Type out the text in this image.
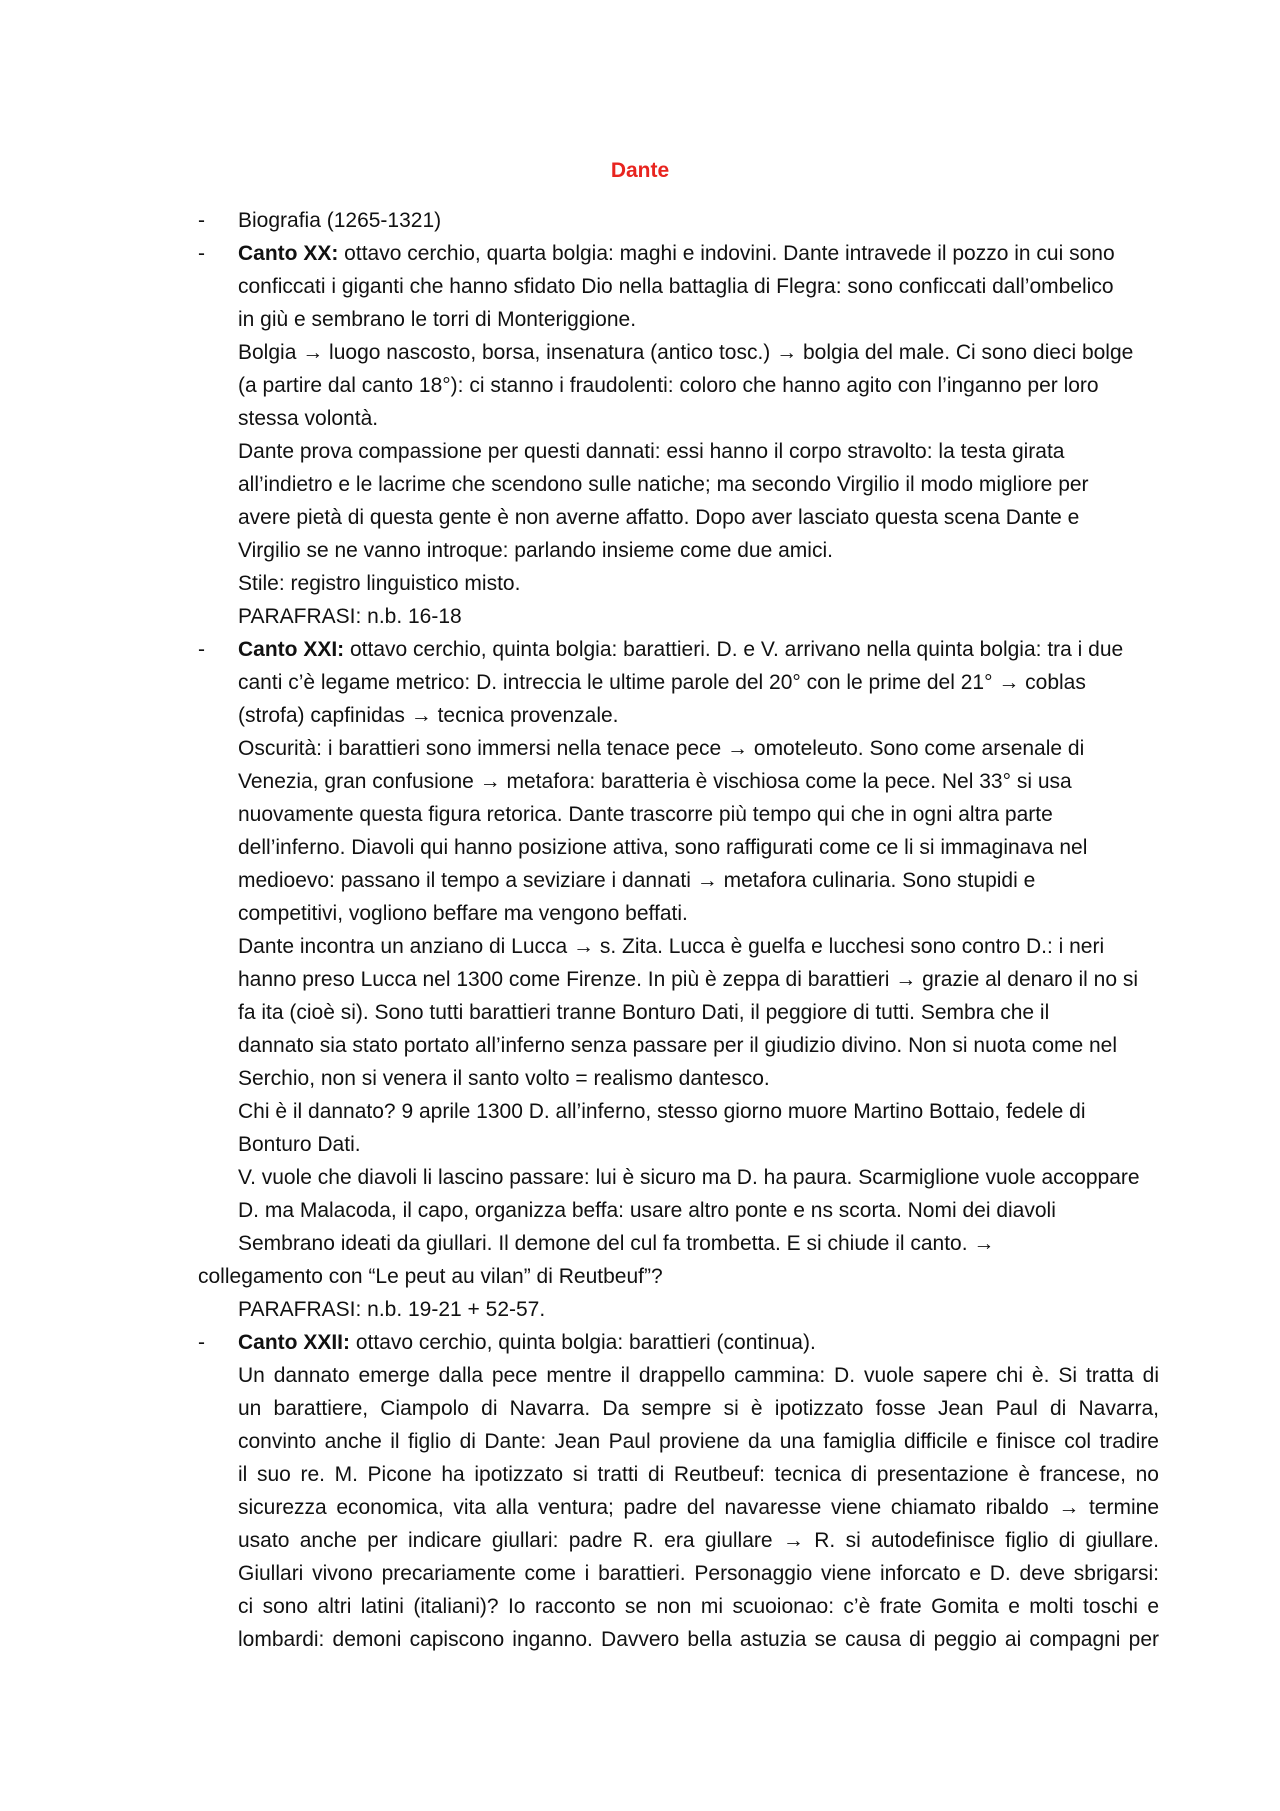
Dante
- Biografia (1265-1321)
- Canto XX: ottavo cerchio, quarta bolgia: maghi e indovini. Dante intravede il pozzo in cui sono
conficcati i giganti che hanno sfidato Dio nella battaglia di Flegra: sono conficcati dall’ombelico
in giù e sembrano le torri di Monteriggione.
Bolgia → luogo nascosto, borsa, insenatura (antico tosc.) → bolgia del male. Ci sono dieci bolge
(a partire dal canto 18°): ci stanno i fraudolenti: coloro che hanno agito con l’inganno per loro
stessa volontà.
Dante prova compassione per questi dannati: essi hanno il corpo stravolto: la testa girata
all’indietro e le lacrime che scendono sulle natiche; ma secondo Virgilio il modo migliore per
avere pietà di questa gente è non averne affatto. Dopo aver lasciato questa scena Dante e
Virgilio se ne vanno introque: parlando insieme come due amici.
Stile: registro linguistico misto.
PARAFRASI: n.b. 16-18
- Canto XXI: ottavo cerchio, quinta bolgia: barattieri. D. e V. arrivano nella quinta bolgia: tra i due
canti c’è legame metrico: D. intreccia le ultime parole del 20° con le prime del 21° → coblas
(strofa) capfinidas → tecnica provenzale.
Oscurità: i barattieri sono immersi nella tenace pece → omoteleuto. Sono come arsenale di
Venezia, gran confusione → metafora: baratteria è vischiosa come la pece. Nel 33° si usa
nuovamente questa figura retorica. Dante trascorre più tempo qui che in ogni altra parte
dell’inferno. Diavoli qui hanno posizione attiva, sono raffigurati come ce li si immaginava nel
medioevo: passano il tempo a seviziare i dannati → metafora culinaria. Sono stupidi e
competitivi, vogliono beffare ma vengono beffati.
Dante incontra un anziano di Lucca → s. Zita. Lucca è guelfa e lucchesi sono contro D.: i neri
hanno preso Lucca nel 1300 come Firenze. In più è zeppa di barattieri → grazie al denaro il no si
fa ita (cioè si). Sono tutti barattieri tranne Bonturo Dati, il peggiore di tutti. Sembra che il
dannato sia stato portato all’inferno senza passare per il giudizio divino. Non si nuota come nel
Serchio, non si venera il santo volto = realismo dantesco.
Chi è il dannato? 9 aprile 1300 D. all’inferno, stesso giorno muore Martino Bottaio, fedele di
Bonturo Dati.
V. vuole che diavoli li lascino passare: lui è sicuro ma D. ha paura. Scarmiglione vuole accoppare
D. ma Malacoda, il capo, organizza beffa: usare altro ponte e ns scorta. Nomi dei diavoli
Sembrano ideati da giullari. Il demone del cul fa trombetta. E si chiude il canto. →
collegamento con “Le peut au vilan” di Reutbeuf”?
PARAFRASI: n.b. 19-21 + 52-57.
- Canto XXII: ottavo cerchio, quinta bolgia: barattieri (continua).
Un dannato emerge dalla pece mentre il drappello cammina: D. vuole sapere chi è. Si tratta di
un barattiere, Ciampolo di Navarra. Da sempre si è ipotizzato fosse Jean Paul di Navarra,
convinto anche il figlio di Dante: Jean Paul proviene da una famiglia difficile e finisce col tradire
il suo re. M. Picone ha ipotizzato si tratti di Reutbeuf: tecnica di presentazione è francese, no
sicurezza economica, vita alla ventura; padre del navaresse viene chiamato ribaldo → termine
usato anche per indicare giullari: padre R. era giullare → R. si autodefinisce figlio di giullare.
Giullari vivono precariamente come i barattieri. Personaggio viene inforcato e D. deve sbrigarsi:
ci sono altri latini (italiani)? Io racconto se non mi scuoionao: c’è frate Gomita e molti toschi e
lombardi: demoni capiscono inganno. Davvero bella astuzia se causa di peggio ai compagni per
